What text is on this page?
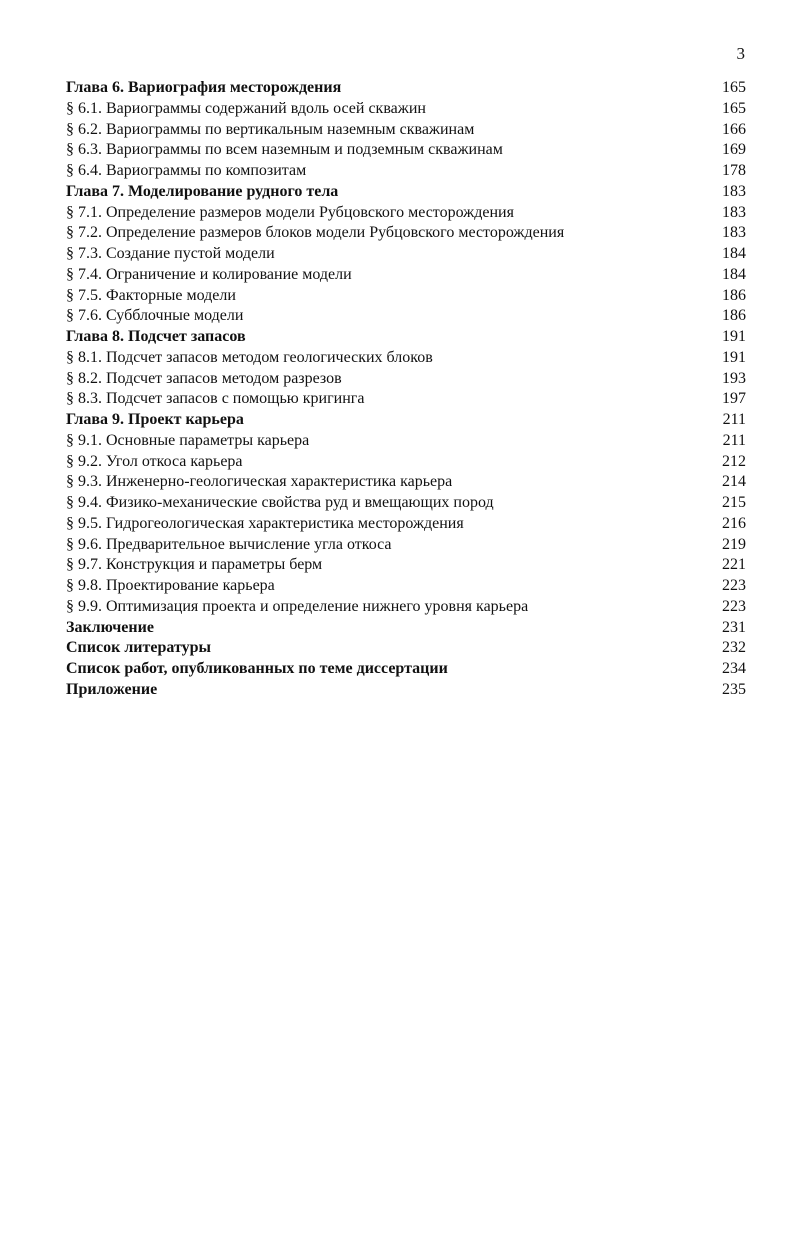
3
Глава 6. Вариография месторождения	165
§ 6.1. Вариограммы содержаний вдоль осей скважин	165
§ 6.2. Вариограммы по вертикальным наземным скважинам	166
§ 6.3. Вариограммы по всем наземным и подземным скважинам	169
§ 6.4. Вариограммы по композитам	178
Глава 7. Моделирование рудного тела	183
§ 7.1. Определение размеров модели Рубцовского месторождения	183
§ 7.2. Определение размеров блоков модели Рубцовского месторождения	183
§ 7.3. Создание пустой модели	184
§ 7.4. Ограничение и колирование модели	184
§ 7.5. Факторные модели	186
§ 7.6. Субблочные модели	186
Глава 8. Подсчет запасов	191
§ 8.1. Подсчет запасов методом геологических блоков	191
§ 8.2. Подсчет запасов методом разрезов	193
§ 8.3. Подсчет запасов с помощью кригинга	197
Глава 9. Проект карьера	211
§ 9.1. Основные параметры карьера	211
§ 9.2. Угол откоса карьера	212
§ 9.3. Инженерно-геологическая характеристика карьера	214
§ 9.4. Физико-механические свойства руд и вмещающих пород	215
§ 9.5. Гидрогеологическая характеристика месторождения	216
§ 9.6. Предварительное вычисление угла откоса	219
§ 9.7. Конструкция и параметры берм	221
§ 9.8. Проектирование карьера	223
§ 9.9. Оптимизация проекта и определение нижнего уровня карьера	223
Заключение	231
Список литературы	232
Список работ, опубликованных по теме диссертации	234
Приложение	235
